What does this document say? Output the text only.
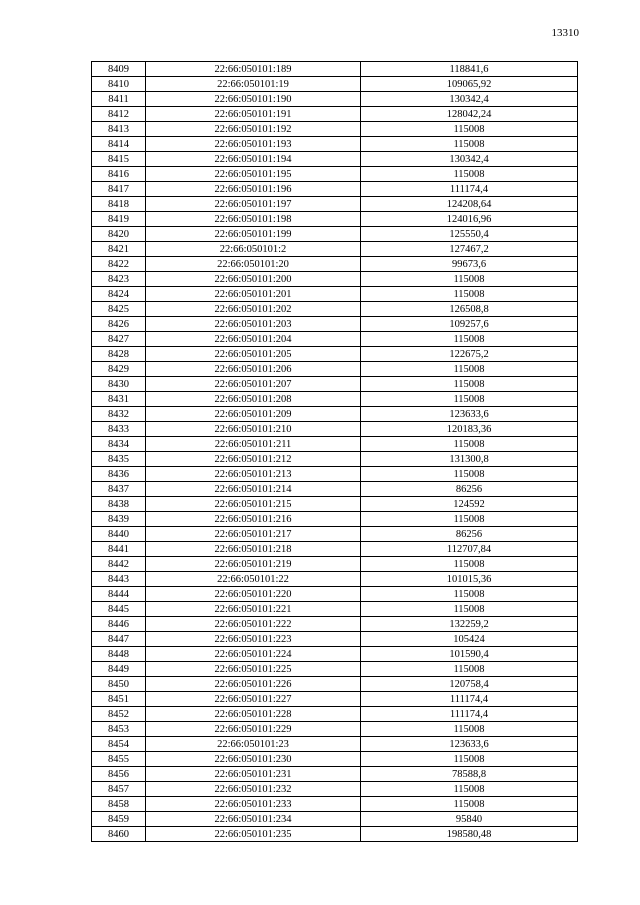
13310
8409	22:66:050101:189	118841,6
8410	22:66:050101:19	109065,92
8411	22:66:050101:190	130342,4
8412	22:66:050101:191	128042,24
8413	22:66:050101:192	115008
8414	22:66:050101:193	115008
8415	22:66:050101:194	130342,4
8416	22:66:050101:195	115008
8417	22:66:050101:196	111174,4
8418	22:66:050101:197	124208,64
8419	22:66:050101:198	124016,96
8420	22:66:050101:199	125550,4
8421	22:66:050101:2	127467,2
8422	22:66:050101:20	99673,6
8423	22:66:050101:200	115008
8424	22:66:050101:201	115008
8425	22:66:050101:202	126508,8
8426	22:66:050101:203	109257,6
8427	22:66:050101:204	115008
8428	22:66:050101:205	122675,2
8429	22:66:050101:206	115008
8430	22:66:050101:207	115008
8431	22:66:050101:208	115008
8432	22:66:050101:209	123633,6
8433	22:66:050101:210	120183,36
8434	22:66:050101:211	115008
8435	22:66:050101:212	131300,8
8436	22:66:050101:213	115008
8437	22:66:050101:214	86256
8438	22:66:050101:215	124592
8439	22:66:050101:216	115008
8440	22:66:050101:217	86256
8441	22:66:050101:218	112707,84
8442	22:66:050101:219	115008
8443	22:66:050101:22	101015,36
8444	22:66:050101:220	115008
8445	22:66:050101:221	115008
8446	22:66:050101:222	132259,2
8447	22:66:050101:223	105424
8448	22:66:050101:224	101590,4
8449	22:66:050101:225	115008
8450	22:66:050101:226	120758,4
8451	22:66:050101:227	111174,4
8452	22:66:050101:228	111174,4
8453	22:66:050101:229	115008
8454	22:66:050101:23	123633,6
8455	22:66:050101:230	115008
8456	22:66:050101:231	78588,8
8457	22:66:050101:232	115008
8458	22:66:050101:233	115008
8459	22:66:050101:234	95840
8460	22:66:050101:235	198580,48
